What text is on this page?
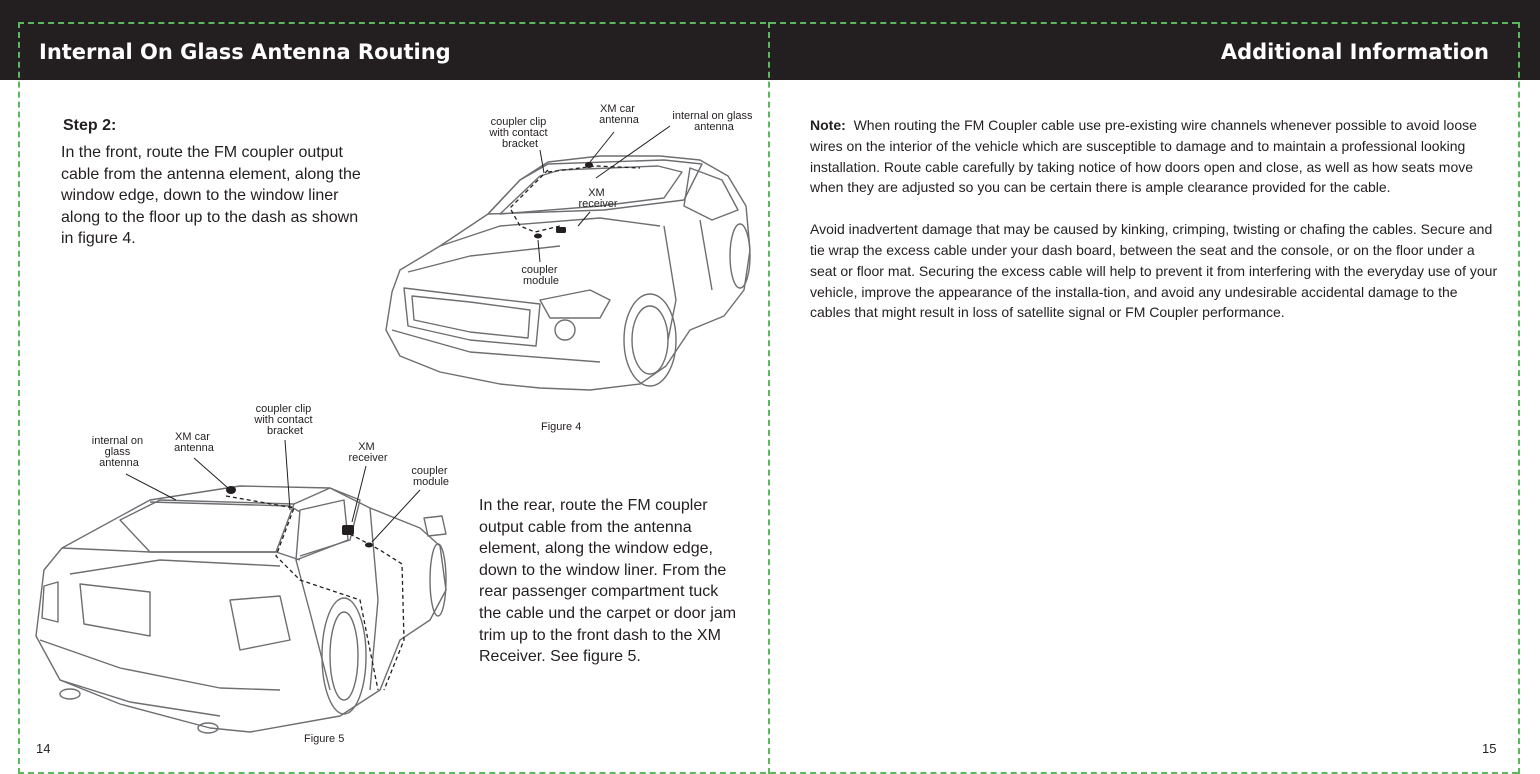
Internal On Glass Antenna Routing	Additional Information
Step 2:
In the front, route the FM coupler output cable from the antenna element, along the window edge, down to the window liner along to the floor up to the dash as shown in figure 4.
In the rear, route the FM coupler output cable from the antenna element, along the window edge, down to the window liner. From the rear passenger compartment tuck the cable und the carpet or door jam trim up to the front dash to the XM Receiver. See figure 5.
coupler clip with contact bracket
XM car antenna	internal on glass antenna
XM receiver
coupler module
Figure 4
internal on glass antenna
XM car antenna
coupler clip with contact bracket
XM receiver
coupler module
Figure 5
14

Note: When routing the FM Coupler cable use pre-existing wire channels whenever possible to avoid loose wires on the interior of the vehicle which are susceptible to damage and to maintain a professional looking installation. Route cable carefully by taking notice of how doors open and close, as well as how seats move when they are adjusted so you can be certain there is ample clearance provided for the cable.

Avoid inadvertent damage that may be caused by kinking, crimping, twisting or chafing the cables. Secure and tie wrap the excess cable under your dash board, between the seat and the console, or on the floor under a seat or floor mat. Securing the excess cable will help to prevent it from interfering with the everyday use of your vehicle, improve the appearance of the installa-tion, and avoid any undesirable accidental damage to the cables that might result in loss of satellite signal or FM Coupler performance.

15
